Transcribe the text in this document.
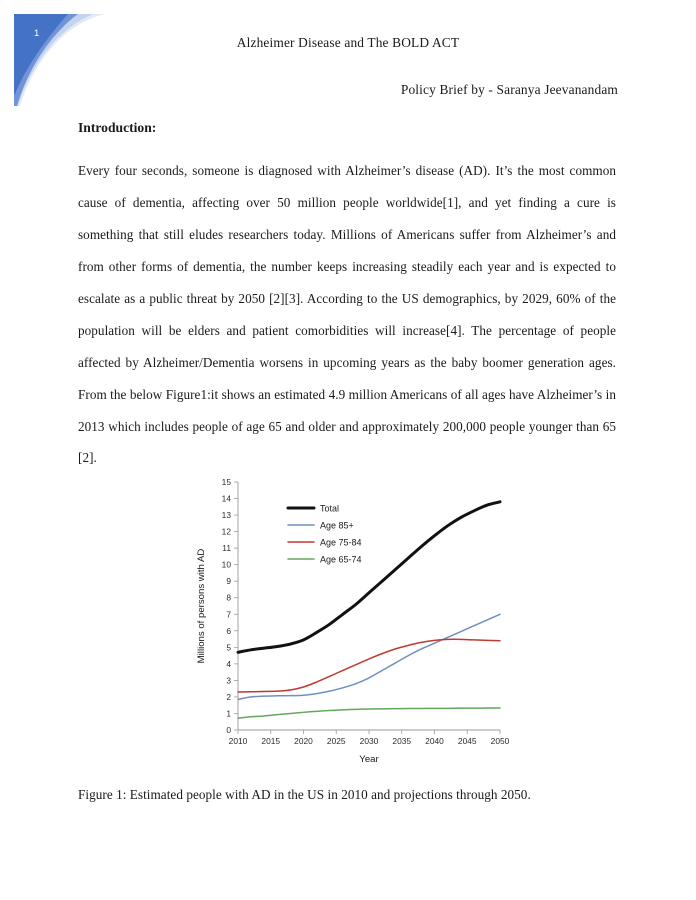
1
Alzheimer Disease and The BOLD ACT
Policy Brief by - Saranya Jeevanandam
Introduction:
Every four seconds, someone is diagnosed with Alzheimer’s disease (AD). It’s the most common cause of dementia, affecting over 50 million people worldwide[1], and yet finding a cure is something that still eludes researchers today. Millions of Americans suffer from Alzheimer’s and from other forms of dementia, the number keeps increasing steadily each year and is expected to escalate as a public threat by 2050 [2][3]. According to the US demographics, by 2029, 60% of the population will be elders and patient comorbidities will increase[4]. The percentage of people affected by Alzheimer/Dementia worsens in upcoming years as the baby boomer generation ages. From the below Figure1:it shows an estimated 4.9 million Americans of all ages have Alzheimer’s in 2013 which includes people of age 65 and older and approximately 200,000 people younger than 65 [2].
0
1
2
3
4
5
6
7
8
9
10
11
12
13
14
15
2010 2015 2020 2025 2030 2035 2040 2045 2050
Year
Millions of persons with AD
Total
Age 85+
Age 75-84
Age 65-74
Figure 1: Estimated people with AD in the US in 2010 and projections through 2050.
